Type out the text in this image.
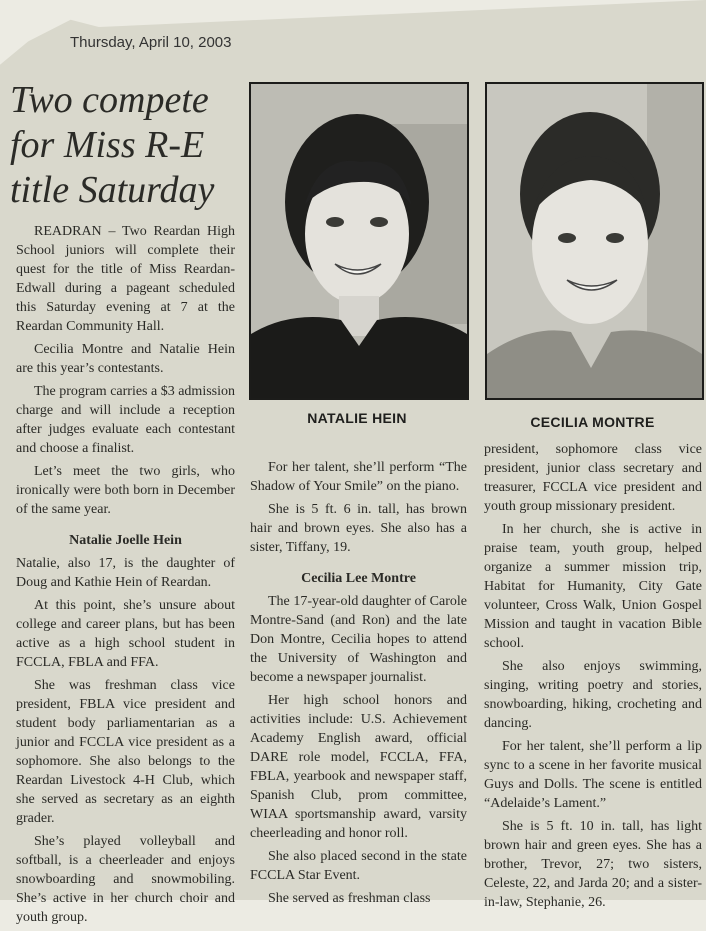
Thursday, April 10, 2003
Two compete for Miss R-E title Saturday
NATALIE HEIN	CECILIA MONTRE

READRAN – Two Reardan High School juniors will complete their quest for the title of Miss Reardan-Edwall during a pageant scheduled this Saturday evening at 7 at the Reardan Community Hall.

Cecilia Montre and Natalie Hein are this year’s contestants.

The program carries a $3 admission charge and will include a reception after judges evaluate each contestant and choose a finalist.

Let’s meet the two girls, who ironically were both born in December of the same year.

Natalie Joelle Hein

Natalie, also 17, is the daughter of Doug and Kathie Hein of Reardan.

At this point, she’s unsure about college and career plans, but has been active as a high school student in FCCLA, FBLA and FFA.

She was freshman class vice president, FBLA vice president and student body parliamentarian as a junior and FCCLA vice president as a sophomore. She also belongs to the Reardan Livestock 4-H Club, which she served as secretary as an eighth grader.

She’s played volleyball and softball, is a cheerleader and enjoys snowboarding and snowmobiling. She’s active in her church choir and youth group.

For her talent, she’ll perform “The Shadow of Your Smile” on the piano.

She is 5 ft. 6 in. tall, has brown hair and brown eyes. She also has a sister, Tiffany, 19.

Cecilia Lee Montre

The 17-year-old daughter of Carole Montre-Sand (and Ron) and the late Don Montre, Cecilia hopes to attend the University of Washington and become a newspaper journalist.

Her high school honors and activities include: U.S. Achievement Academy English award, official DARE role model, FCCLA, FFA, FBLA, yearbook and newspaper staff, Spanish Club, prom committee, WIAA sportsmanship award, varsity cheerleading and honor roll.

She also placed second in the state FCCLA Star Event.

She served as freshman class

president, sophomore class vice president, junior class secretary and treasurer, FCCLA vice president and youth group missionary president.

In her church, she is active in praise team, youth group, helped organize a summer mission trip, Habitat for Humanity, City Gate volunteer, Cross Walk, Union Gospel Mission and taught in vacation Bible school.

She also enjoys swimming, singing, writing poetry and stories, snowboarding, hiking, crocheting and dancing.

For her talent, she’ll perform a lip sync to a scene in her favorite musical Guys and Dolls. The scene is entitled “Adelaide’s Lament.”

She is 5 ft. 10 in. tall, has light brown hair and green eyes. She has a brother, Trevor, 27; two sisters, Celeste, 22, and Jarda 20; and a sister-in-law, Stephanie, 26.
